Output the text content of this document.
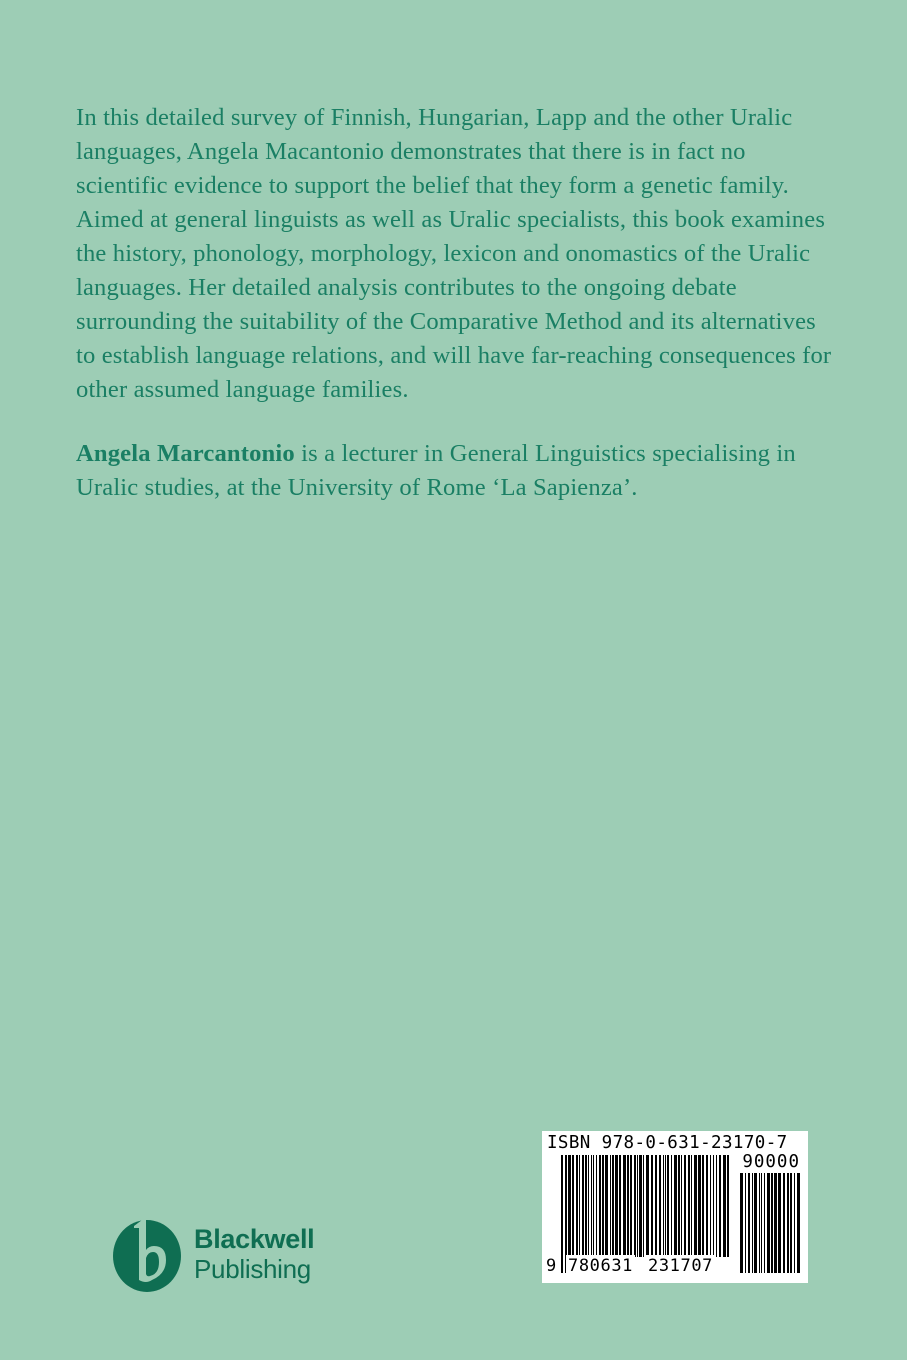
In this detailed survey of Finnish, Hungarian, Lapp and the other Uralic languages, Angela Macantonio demonstrates that there is in fact no scientific evidence to support the belief that they form a genetic family. Aimed at general linguists as well as Uralic specialists, this book examines the history, phonology, morphology, lexicon and onomastics of the Uralic languages. Her detailed analysis contributes to the ongoing debate surrounding the suitability of the Comparative Method and its alternatives to establish language relations, and will have far-reaching consequences for other assumed language families.

Angela Marcantonio is a lecturer in General Linguistics specialising in Uralic studies, at the University of Rome ‘La Sapienza’.

Blackwell
Publishing
ISBN 978-0-631-23170-7
90000
9 780631 231707
